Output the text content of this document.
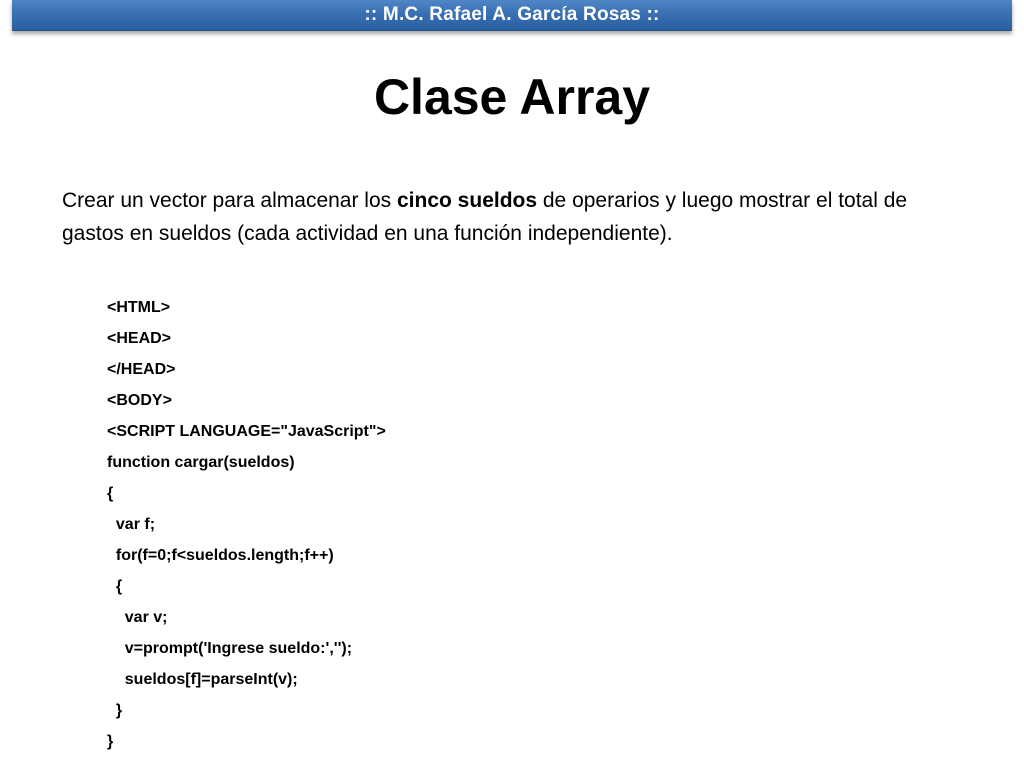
:: M.C. Rafael A. García Rosas ::
Clase Array

Crear un vector para almacenar los cinco sueldos de operarios y luego mostrar el total de gastos en sueldos (cada actividad en una función independiente).

<HTML>
<HEAD>
</HEAD>
<BODY>
<SCRIPT LANGUAGE="JavaScript">
function cargar(sueldos)
{
var f;
for(f=0;f<sueldos.length;f++)
{
var v;
v=prompt('Ingrese sueldo:','');
sueldos[f]=parseInt(v);
}
}
